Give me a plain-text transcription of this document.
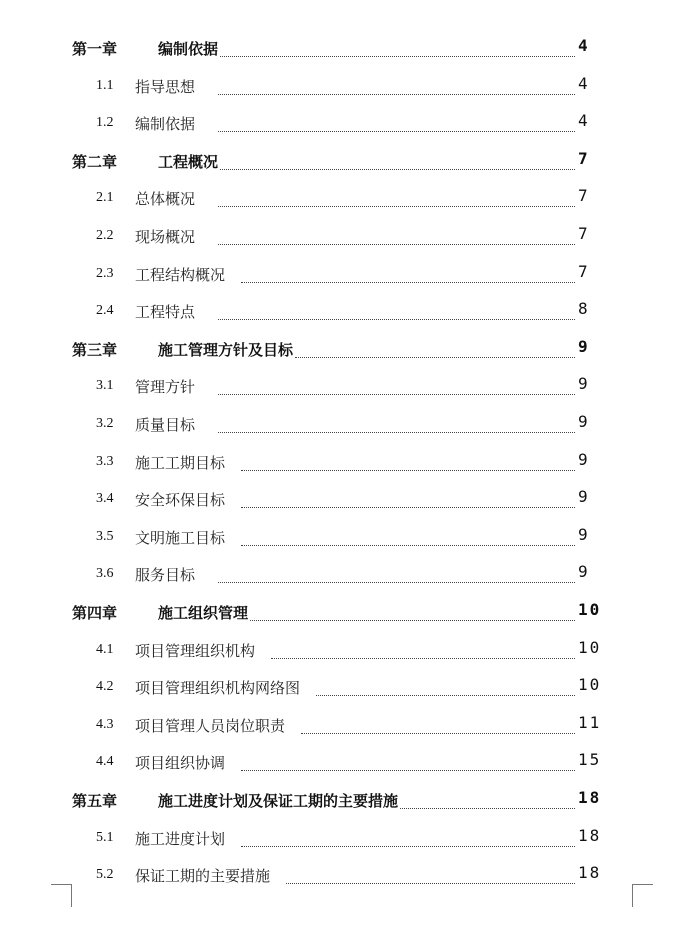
第一章	编制依据	4
1.1 指导思想	4
1.2 编制依据	4
第二章	工程概况	7
2.1 总体概况	7
2.2 现场概况	7
2.3 工程结构概况	7
2.4 工程特点	8
第三章	施工管理方针及目标	9
3.1 管理方针	9
3.2 质量目标	9
3.3 施工工期目标	9
3.4 安全环保目标	9
3.5 文明施工目标	9
3.6 服务目标	9
第四章	施工组织管理	10
4.1 项目管理组织机构	10
4.2 项目管理组织机构网络图	10
4.3 项目管理人员岗位职责	11
4.4 项目组织协调	15
第五章	施工进度计划及保证工期的主要措施	18
5.1 施工进度计划	18
5.2 保证工期的主要措施	18
